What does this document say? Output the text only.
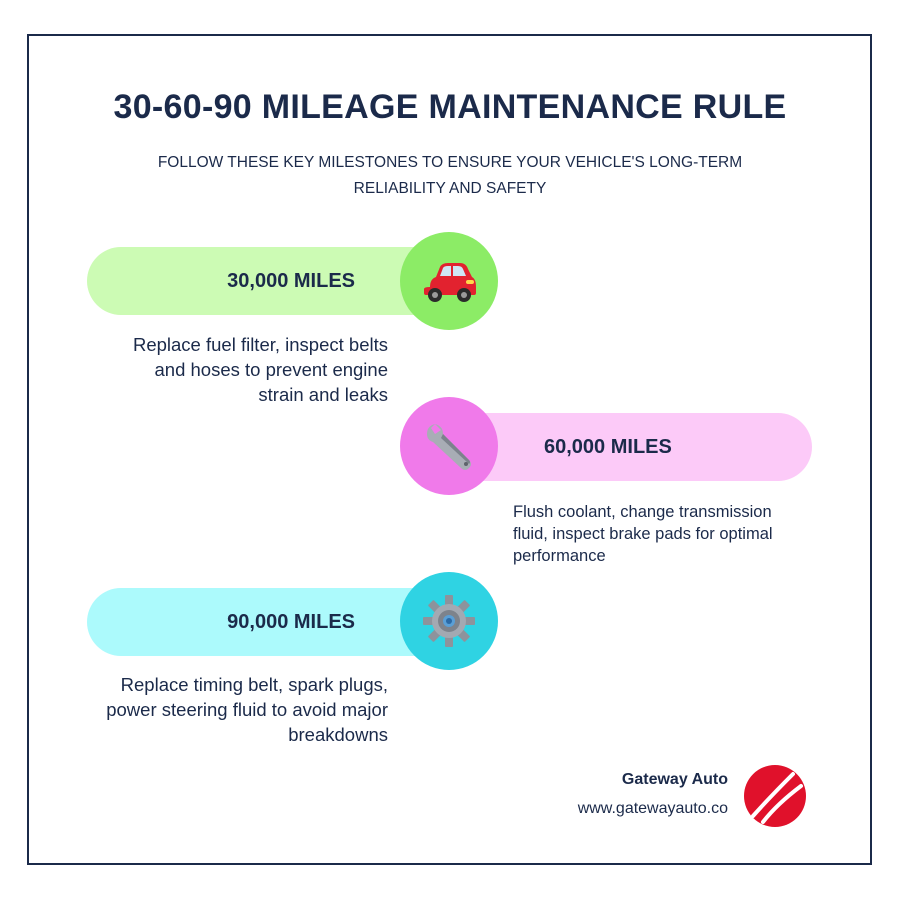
30-60-90 MILEAGE MAINTENANCE RULE
FOLLOW THESE KEY MILESTONES TO ENSURE YOUR VEHICLE'S LONG-TERM RELIABILITY AND SAFETY
30,000 MILES
Replace fuel filter, inspect belts and hoses to prevent engine strain and leaks
60,000 MILES
Flush coolant, change transmission fluid, inspect brake pads for optimal performance
90,000 MILES
Replace timing belt, spark plugs, power steering fluid to avoid major breakdowns
Gateway Auto
www.gatewayauto.co
